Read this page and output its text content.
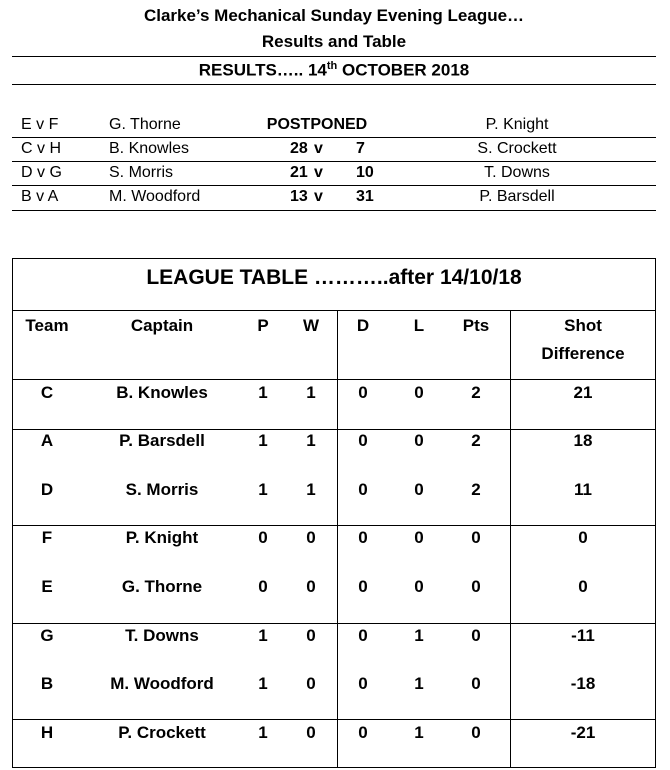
Clarke’s Mechanical Sunday Evening League…
Results and Table
RESULTS….. 14th OCTOBER 2018
E v F	G. Thorne	POSTPONED	P. Knight
C v H	B. Knowles	28 v 7	S. Crockett
D v G	S. Morris	21 v 10	T. Downs
B v A	M. Woodford	13 v 31	P. Barsdell
LEAGUE TABLE ………..after 14/10/18
Team	Captain	P	W	D	L	Pts	Shot
Difference
C	B. Knowles	1	1	0	0	2	21
A	P. Barsdell	1	1	0	0	2	18
D	S. Morris	1	1	0	0	2	11
F	P. Knight	0	0	0	0	0	0
E	G. Thorne	0	0	0	0	0	0
G	T. Downs	1	0	0	1	0	-11
B	M. Woodford	1	0	0	1	0	-18
H	P. Crockett	1	0	0	1	0	-21
